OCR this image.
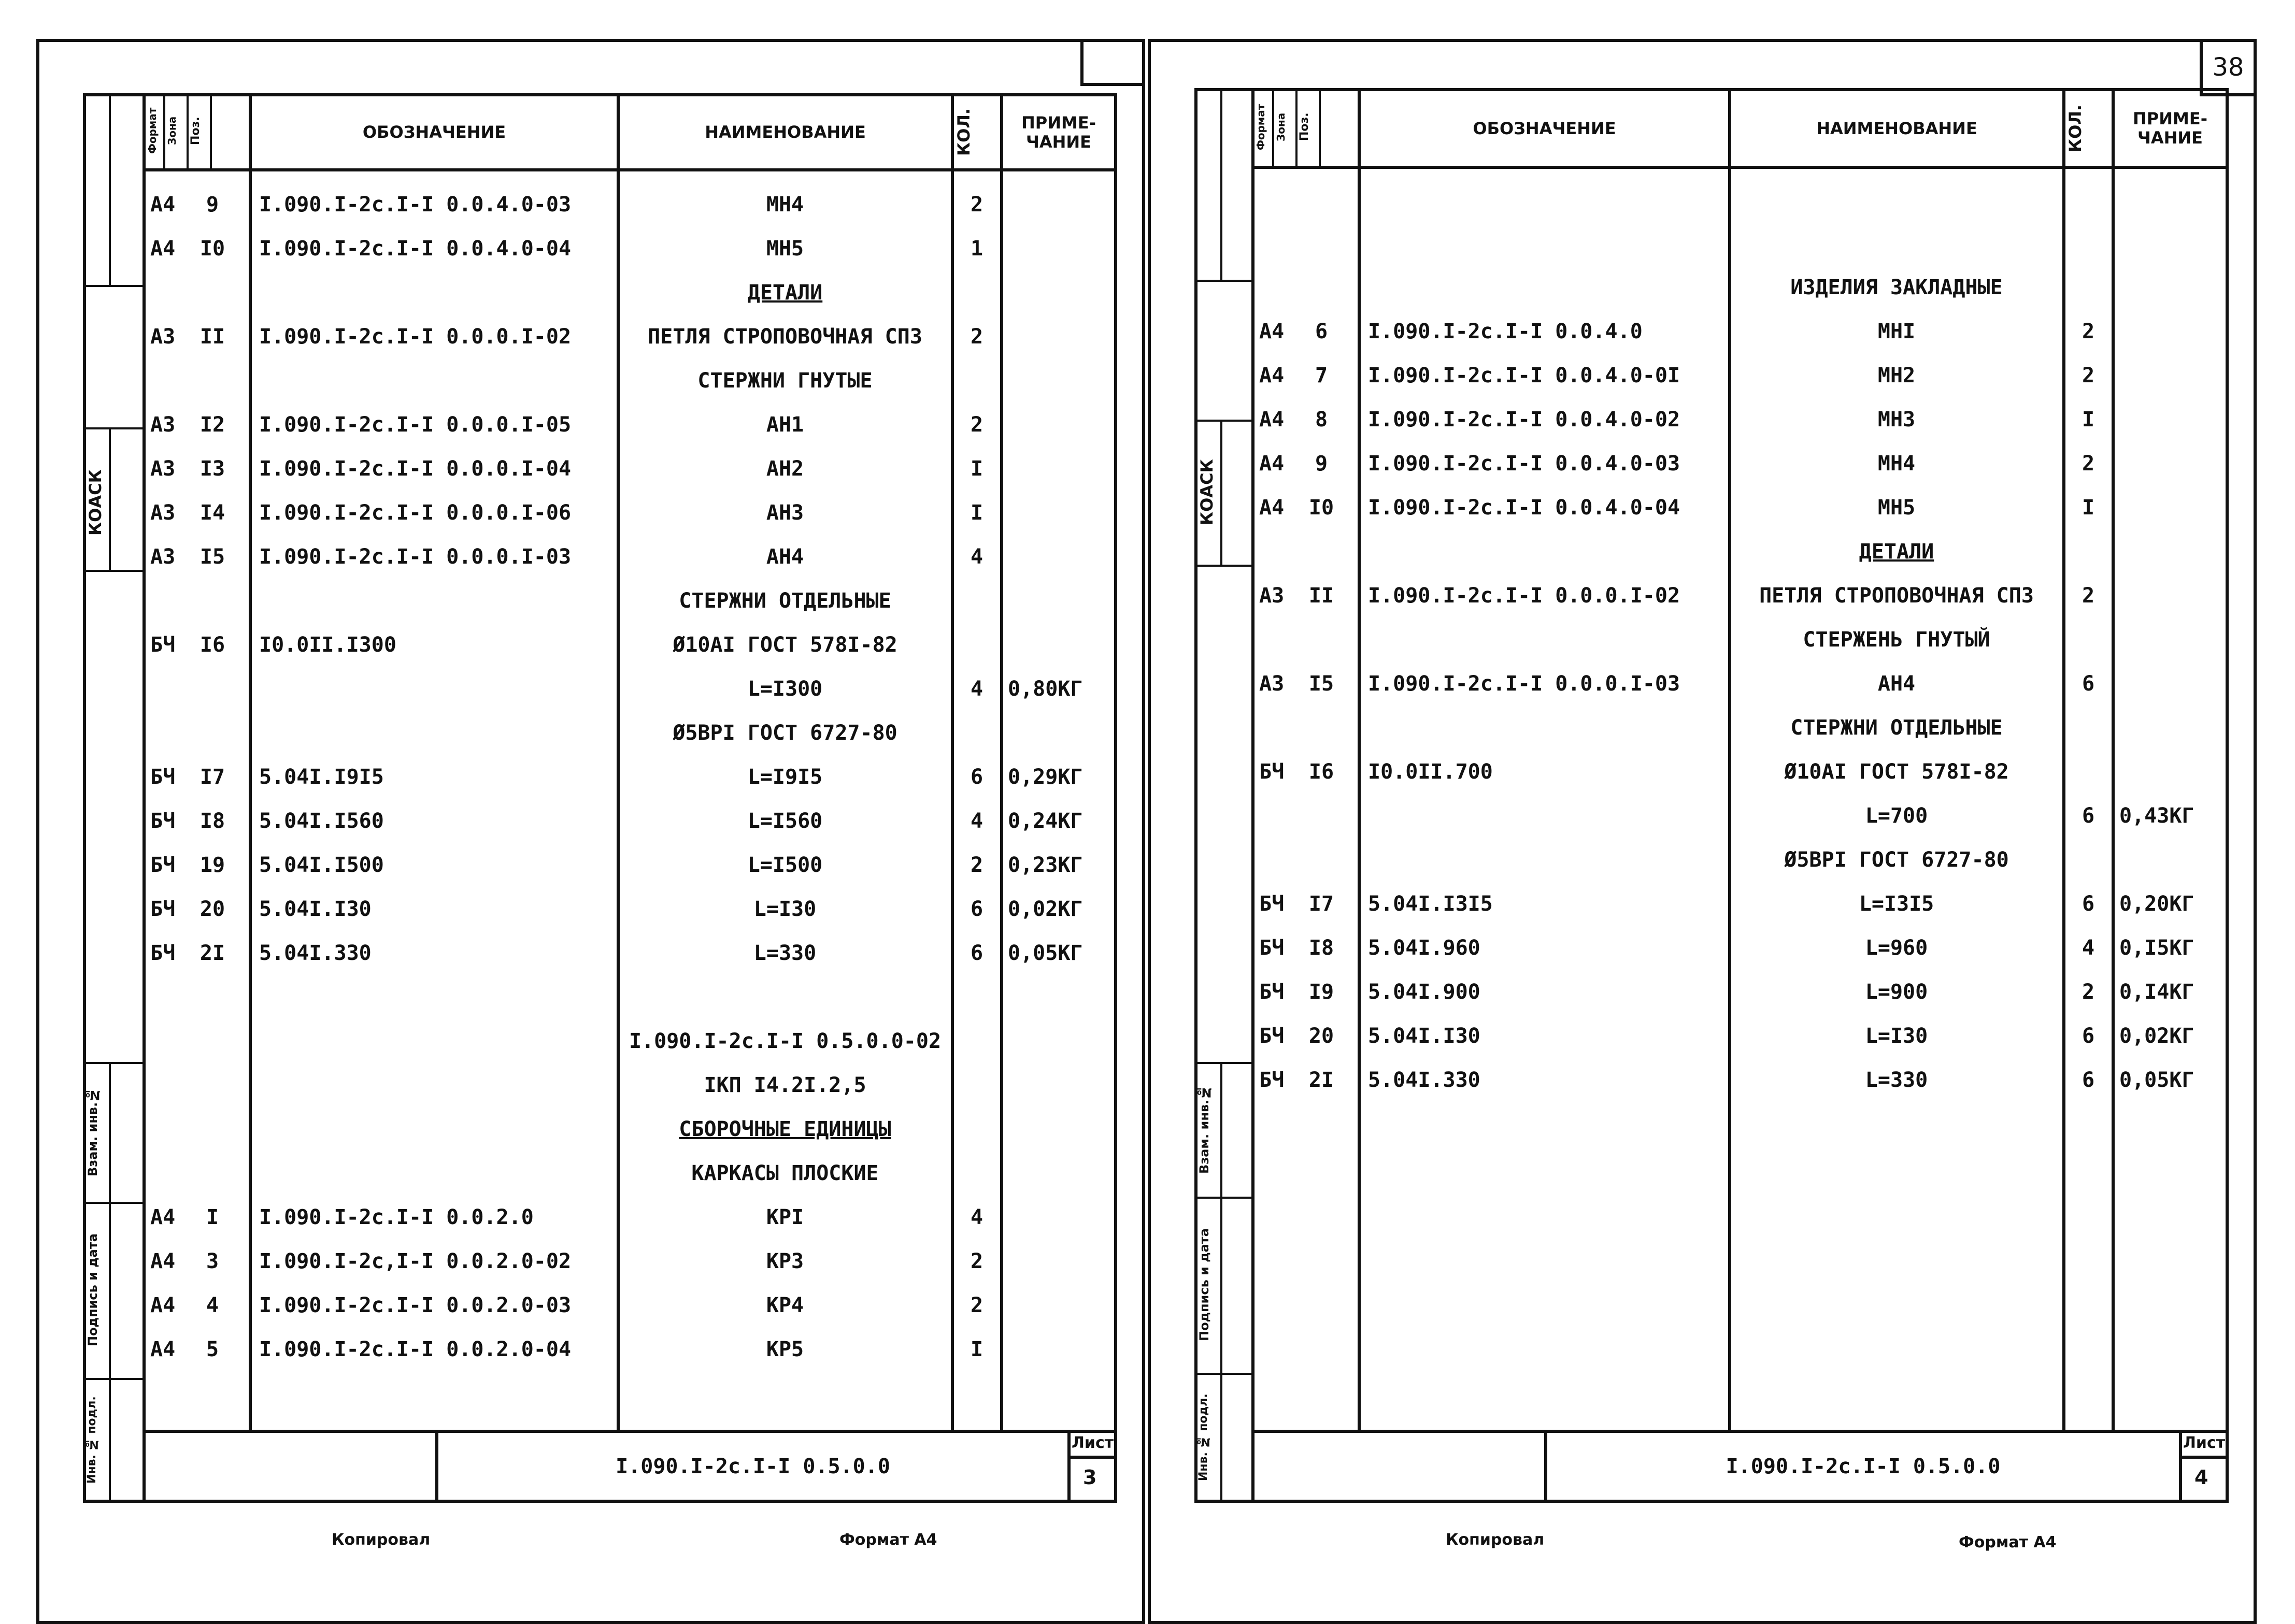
КОАСК
Взам. инв.№
Подпись и дата
Инв. № подл.
Формат Зона Поз.	ОБОЗНАЧЕНИЕ	НАИМЕНОВАНИЕ	КОЛ.	ПРИМЕ-
ЧАНИЕ
А4	9	I.090.I-2c.I-I 0.0.4.0-03	МН4	2
А4	I0	I.090.I-2c.I-I 0.0.4.0-04	МН5	1
ДЕТАЛИ
А3	II	I.090.I-2c.I-I 0.0.0.I-02	ПЕТЛЯ СТРОПОВОЧНАЯ СП3	2
СТЕРЖНИ ГНУТЫЕ
А3	I2	I.090.I-2c.I-I 0.0.0.I-05	АН1	2
А3	I3	I.090.I-2c.I-I 0.0.0.I-04	АН2	I
А3	I4	I.090.I-2c.I-I 0.0.0.I-06	АН3	I
А3	I5	I.090.I-2c.I-I 0.0.0.I-03	АН4	4
СТЕРЖНИ ОТДЕЛЬНЫЕ
БЧ	I6	I0.0II.I300	Ø10АI ГОСТ 578I-82
L=I300	4	0,80КГ
Ø5ВРI ГОСТ 6727-80
БЧ	I7	5.04I.I9I5	L=I9I5	6	0,29КГ
БЧ	I8	5.04I.I560	L=I560	4	0,24КГ
БЧ	19	5.04I.I500	L=I500	2	0,23КГ
БЧ	20	5.04I.I30	L=I30	6	0,02КГ
БЧ	2I	5.04I.330	L=330	6	0,05КГ
I.090.I-2c.I-I 0.5.0.0-02
IКП I4.2I.2,5
СБОРОЧНЫЕ ЕДИНИЦЫ
КАРКАСЫ ПЛОСКИЕ
А4	I	I.090.I-2c.I-I 0.0.2.0	КРI	4
А4	3	I.090.I-2c,I-I 0.0.2.0-02	КР3	2
А4	4	I.090.I-2c.I-I 0.0.2.0-03	КР4	2
А4	5	I.090.I-2c.I-I 0.0.2.0-04	КР5	I
I.090.I-2c.I-I 0.5.0.0
Лист
3
Копировал	Формат А4
38
КОАСК
Взам. инв.№
Подпись и дата
Инв. № подл.
Формат Зона Поз.	ОБОЗНАЧЕНИЕ	НАИМЕНОВАНИЕ	КОЛ.	ПРИМЕ-
ЧАНИЕ
ИЗДЕЛИЯ ЗАКЛАДНЫЕ
А4	6	I.090.I-2c.I-I 0.0.4.0	МНI	2
А4	7	I.090.I-2c.I-I 0.0.4.0-0I	МН2	2
А4	8	I.090.I-2c.I-I 0.0.4.0-02	МН3	I
А4	9	I.090.I-2c.I-I 0.0.4.0-03	МН4	2
А4	I0	I.090.I-2c.I-I 0.0.4.0-04	МН5	I
ДЕТАЛИ
А3	II	I.090.I-2c.I-I 0.0.0.I-02	ПЕТЛЯ СТРОПОВОЧНАЯ СП3	2
СТЕРЖЕНЬ ГНУТЫЙ
А3	I5	I.090.I-2c.I-I 0.0.0.I-03	АН4	6
СТЕРЖНИ ОТДЕЛЬНЫЕ
БЧ	I6	I0.0II.700	Ø10АI ГОСТ 578I-82
L=700	6	0,43КГ
Ø5ВРI ГОСТ 6727-80
БЧ	I7	5.04I.I3I5	L=I3I5	6	0,20КГ
БЧ	I8	5.04I.960	L=960	4	0,I5КГ
БЧ	I9	5.04I.900	L=900	2	0,I4КГ
БЧ	20	5.04I.I30	L=I30	6	0,02КГ
БЧ	2I	5.04I.330	L=330	6	0,05КГ
I.090.I-2c.I-I 0.5.0.0
Лист
4
Копировал	Формат А4
